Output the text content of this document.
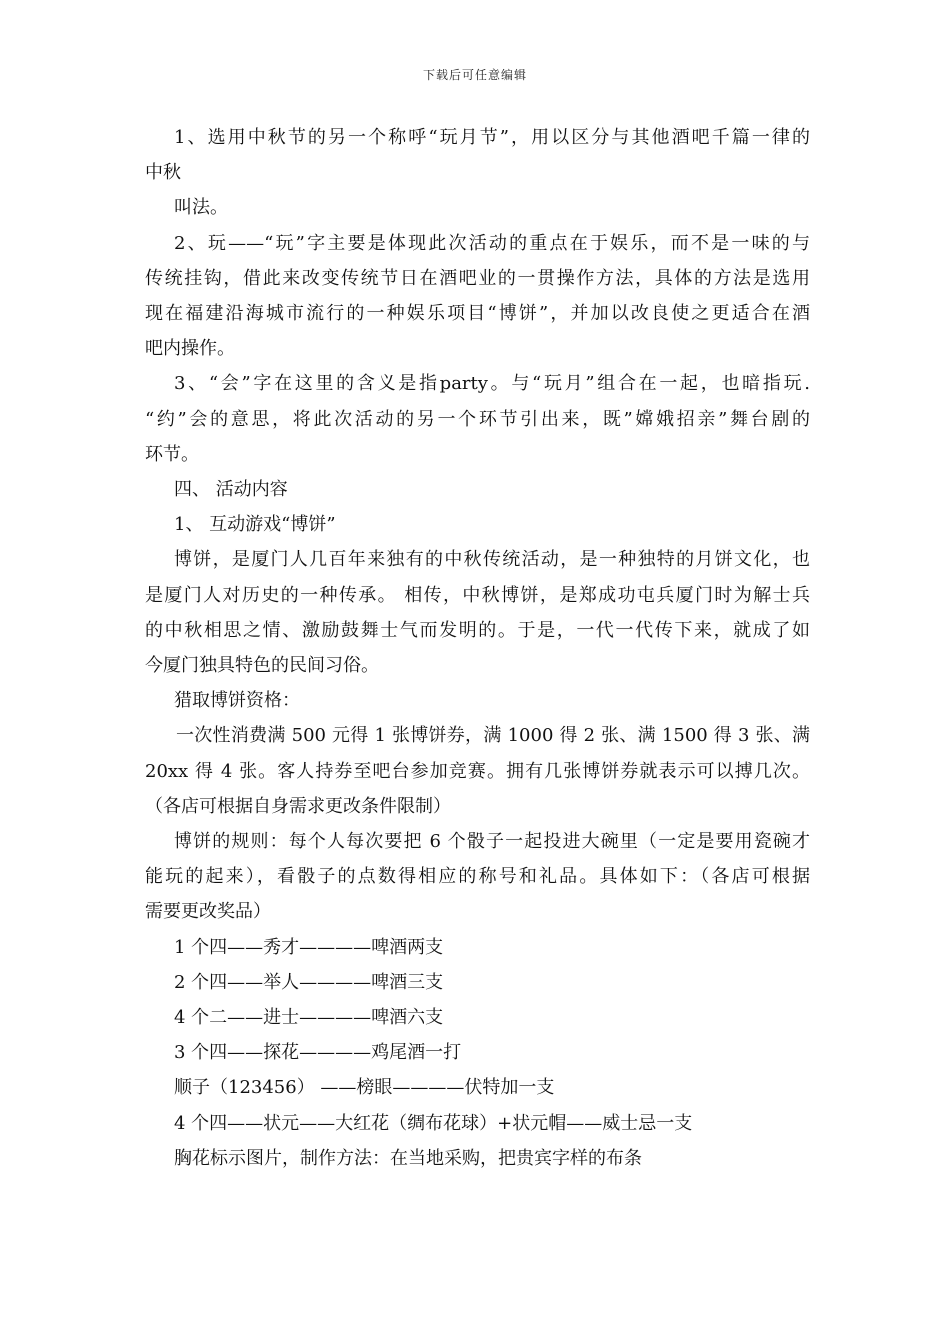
下载后可任意编辑
1、选用中秋节的另一个称呼“玩月节”，用以区分与其他酒吧千篇一律的
中秋
叫法。
2、玩——“玩”字主要是体现此次活动的重点在于娱乐，而不是一味的与
传统挂钩，借此来改变传统节日在酒吧业的一贯操作方法，具体的方法是选用
现在福建沿海城市流行的一种娱乐项目“博饼”，并加以改良使之更适合在酒
吧内操作。
3、“会”字在这里的含义是指party。与“玩月”组合在一起，也暗指玩.
“约”会的意思，将此次活动的另一个环节引出来，既”嫦娥招亲”舞台剧的
环节。
四、 活动内容
1、 互动游戏“博饼”
博饼，是厦门人几百年来独有的中秋传统活动，是一种独特的月饼文化，也
是厦门人对历史的一种传承。 相传，中秋博饼，是郑成功屯兵厦门时为解士兵
的中秋相思之情、激励鼓舞士气而发明的。于是，一代一代传下来，就成了如
今厦门独具特色的民间习俗。
猎取博饼资格：
一次性消费满 500 元得 1 张博饼券，满 1000 得 2 张、满 1500 得 3 张、满
20xx 得 4 张。客人持券至吧台参加竞赛。拥有几张博饼券就表示可以搏几次。
（各店可根据自身需求更改条件限制）
博饼的规则：每个人每次要把 6 个骰子一起投进大碗里（一定是要用瓷碗才
能玩的起来），看骰子的点数得相应的称号和礼品。具体如下：（各店可根据
需要更改奖品）
1 个四——秀才————啤酒两支
2 个四——举人————啤酒三支
4 个二——进士————啤酒六支
3 个四——探花————鸡尾酒一打
顺子（123456） ——榜眼————伏特加一支
4 个四——状元——大红花（绸布花球）+状元帽——威士忌一支
胸花标示图片，制作方法：在当地采购，把贵宾字样的布条
